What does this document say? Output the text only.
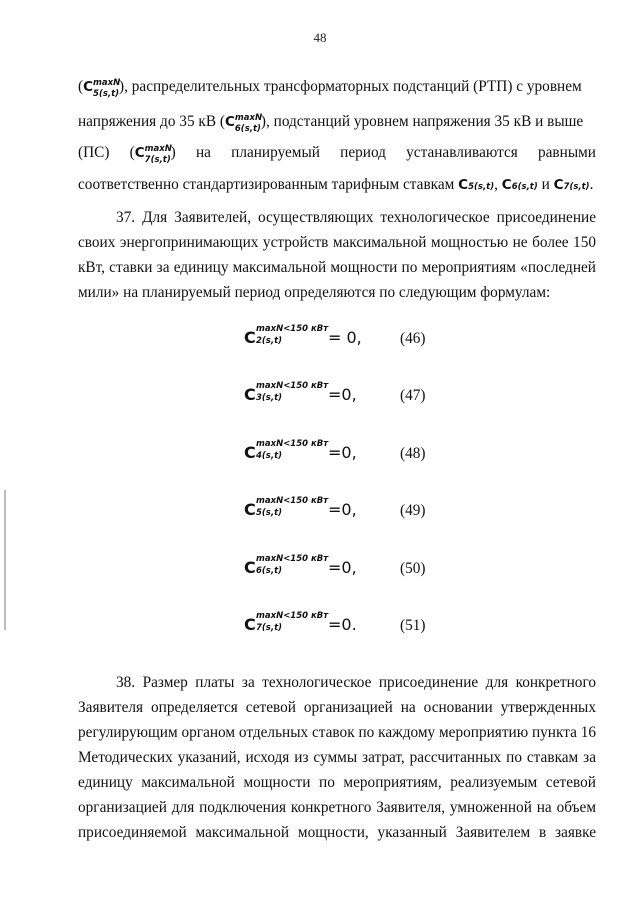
48
(C maxN
5(s,t) ), распределительных трансформаторных подстанций (РТП) с уровнем
напряжения до 35 кВ (C maxN
6(s,t) ), подстанций уровнем напряжения 35 кВ и выше
(ПС) (C maxN
7(s,t) ) на планируемый период устанавливаются равными
соответственно стандартизированным тарифным ставкам
C 5(s,t) , C 6(s,t)
и
C 7(s,t) .
37. Для Заявителей, осуществляющих технологическое присоединение
своих энергопринимающих устройств максимальной мощностью не более 150
кВт, ставки за единицу максимальной мощности по мероприятиям «последней
мили» на планируемый период определяются по следующим формулам:
C maxN<150 кВт
2(s,t)	= 0, (46)
C maxN<150 кВт
3(s,t)	=0,	(47)
C maxN<150 кВт
4(s,t)	=0,	(48)
C maxN<150 кВт
5(s,t)	=0,	(49)
C maxN<150 кВт
6(s,t)	=0,	(50)
C maxN<150 кВт
7(s,t)	=0.	(51)
38. Размер платы за технологическое присоединение для конкретного
Заявителя определяется сетевой организацией на основании утвержденных
регулирующим органом отдельных ставок по каждому мероприятию пункта 16
Методических указаний, исходя из суммы затрат, рассчитанных по ставкам за
единицу максимальной мощности по мероприятиям, реализуемым сетевой
организацией для подключения конкретного Заявителя, умноженной на объем
присоединяемой максимальной мощности, указанный Заявителем в заявке
